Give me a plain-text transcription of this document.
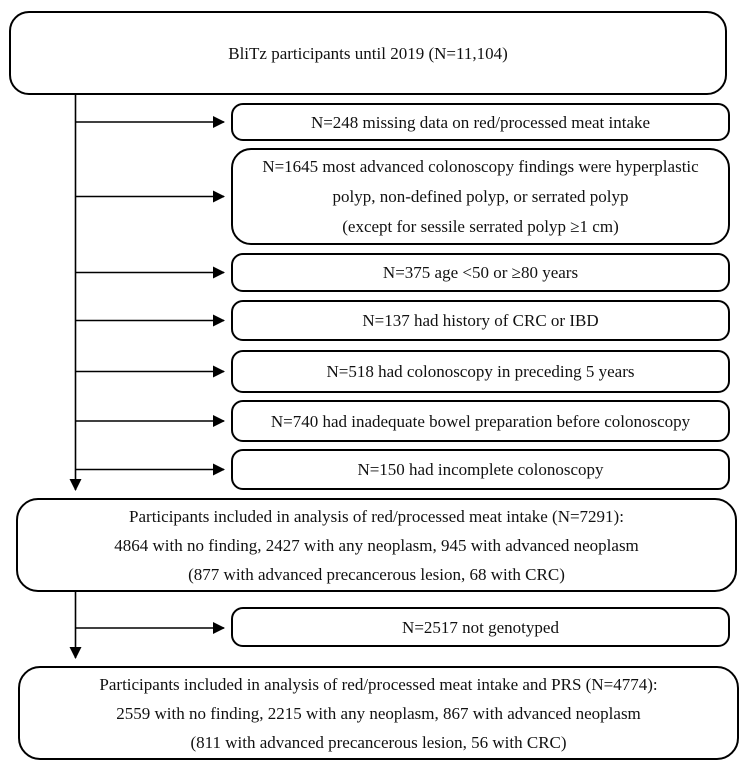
BliTz participants until 2019 (N=11,104)
N=248 missing data on red/processed meat intake
N=1645 most advanced colonoscopy findings were hyperplastic
polyp, non-defined polyp, or serrated polyp
(except for sessile serrated polyp ≥1 cm)
N=375 age <50 or ≥80 years
N=137 had history of CRC or IBD
N=518 had colonoscopy in preceding 5 years
N=740 had inadequate bowel preparation before colonoscopy
N=150 had incomplete colonoscopy
Participants included in analysis of red/processed meat intake (N=7291):
4864 with no finding, 2427 with any neoplasm, 945 with advanced neoplasm
(877 with advanced precancerous lesion, 68 with CRC)
N=2517 not genotyped
Participants included in analysis of red/processed meat intake and PRS (N=4774):
2559 with no finding, 2215 with any neoplasm, 867 with advanced neoplasm
(811 with advanced precancerous lesion, 56 with CRC)
